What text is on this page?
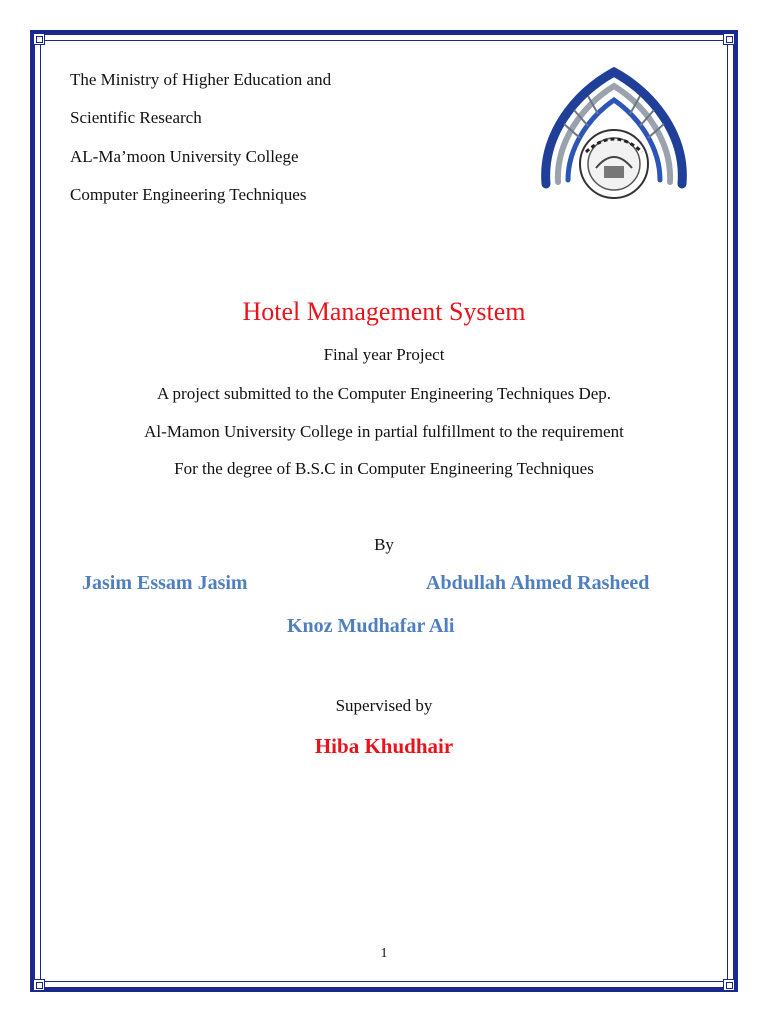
The Ministry of Higher Education and
Scientific Research
AL-Ma’moon University College
Computer Engineering Techniques
Hotel Management System
Final year Project
A project submitted to the Computer Engineering Techniques Dep.
Al-Mamon University College in partial fulfillment to the requirement
For the degree of B.S.C in Computer Engineering Techniques
By
Jasim Essam Jasim	Abdullah Ahmed Rasheed
Knoz Mudhafar Ali
Supervised by
Hiba Khudhair
1
